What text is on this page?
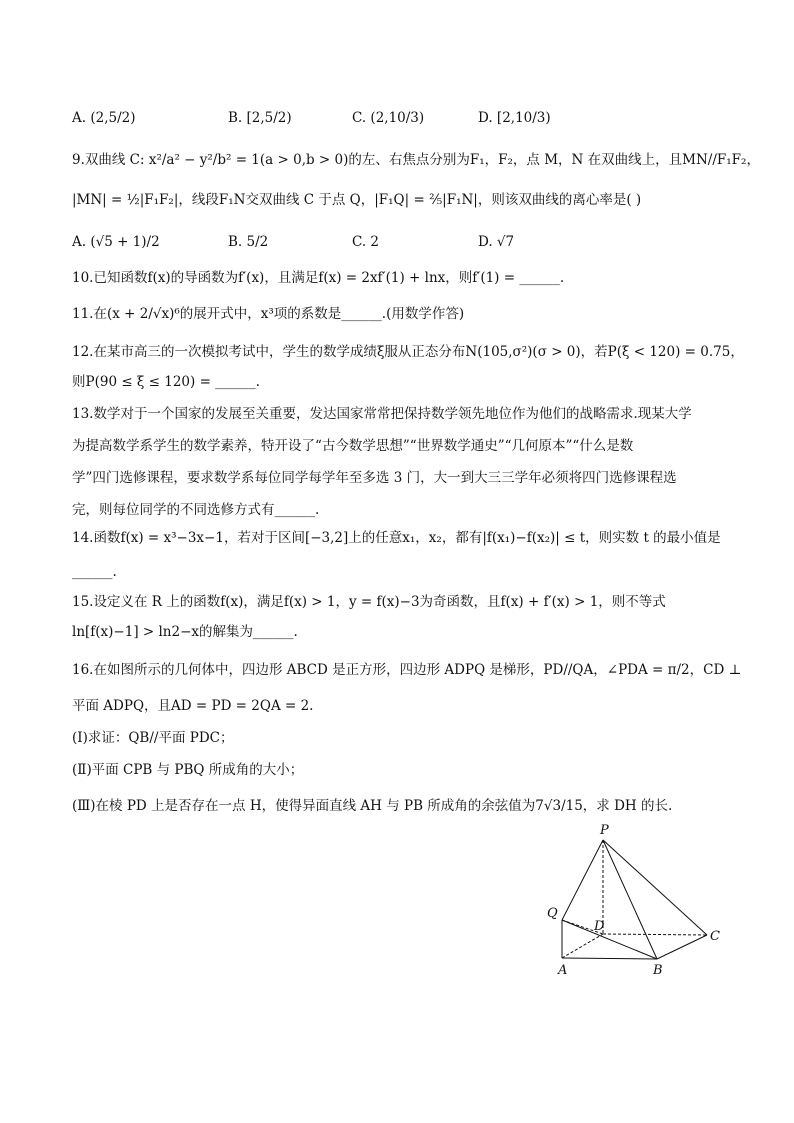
A. (2,5/2)	B. [2,5/2)	C. (2,10/3)	D. [2,10/3)
9.双曲线 C: x²/a² − y²/b² = 1(a > 0,b > 0)的左、右焦点分别为F₁，F₂，点 M，N 在双曲线上，且MN//F₁F₂，
|MN| = ½|F₁F₂|，线段F₁N交双曲线 C 于点 Q，|F₁Q| = ⅖|F₁N|，则该双曲线的离心率是( )
A. (√5 + 1)/2	B. 5/2	C. 2	D. √7
10.已知函数f(x)的导函数为f′(x)，且满足f(x) = 2xf′(1) + lnx，则f′(1) = ______.
11.在(x + 2/√x)⁶的展开式中，x³项的系数是______.(用数学作答)
12.在某市高三的一次模拟考试中，学生的数学成绩ξ服从正态分布N(105,σ²)(σ > 0)，若P(ξ < 120) = 0.75，
则P(90 ≤ ξ ≤ 120) = ______.
13.数学对于一个国家的发展至关重要，发达国家常常把保持数学领先地位作为他们的战略需求.现某大学
为提高数学系学生的数学素养，特开设了“古今数学思想”“世界数学通史”“几何原本”“什么是数
学”四门选修课程，要求数学系每位同学每学年至多选 3 门，大一到大三三学年必须将四门选修课程选
完，则每位同学的不同选修方式有______.
14.函数f(x) = x³−3x−1，若对于区间[−3,2]上的任意x₁，x₂，都有|f(x₁)−f(x₂)| ≤ t，则实数 t 的最小值是
______.
15.设定义在 R 上的函数f(x)，满足f(x) > 1，y = f(x)−3为奇函数，且f(x) + f′(x) > 1，则不等式
ln[f(x)−1] > ln2−x的解集为______.
16.在如图所示的几何体中，四边形 ABCD 是正方形，四边形 ADPQ 是梯形，PD//QA，∠PDA = π/2，CD ⊥
平面 ADPQ，且AD = PD = 2QA = 2.
(Ⅰ)求证：QB//平面 PDC；
(Ⅱ)平面 CPB 与 PBQ 所成角的大小；
(Ⅲ)在棱 PD 上是否存在一点 H，使得异面直线 AH 与 PB 所成角的余弦值为7√3/15，求 DH 的长.
P
Q
D
C
A	B
